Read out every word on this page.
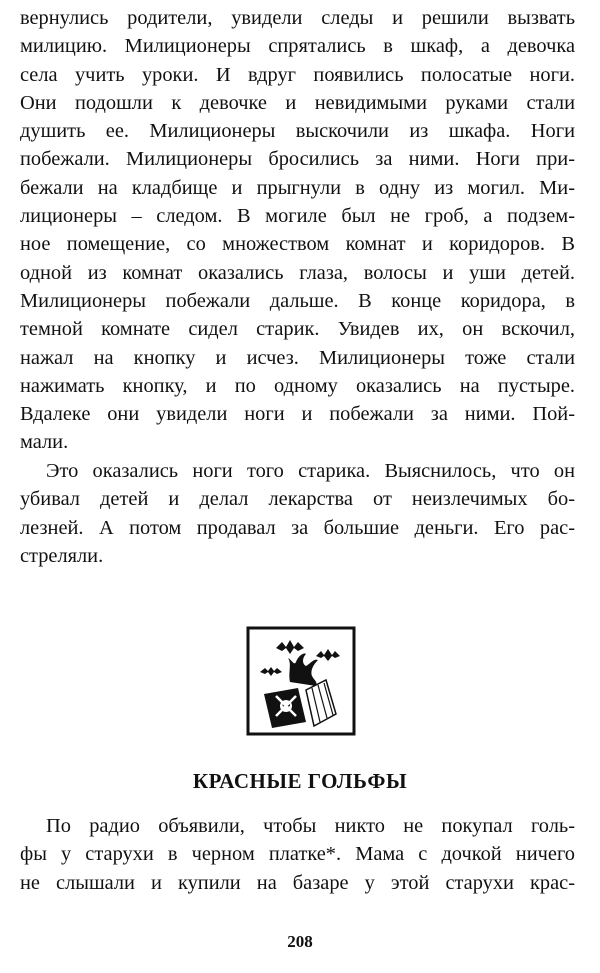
вернулись родители, увидели следы и решили вызвать
милицию. Милиционеры спрятались в шкаф, а девочка
села учить уроки. И вдруг появились полосатые ноги.
Они подошли к девочке и невидимыми руками стали
душить ее. Милиционеры выскочили из шкафа. Ноги
побежали. Милиционеры бросились за ними. Ноги при-
бежали на кладбище и прыгнули в одну из могил. Ми-
лиционеры – следом. В могиле был не гроб, а подзем-
ное помещение, со множеством комнат и коридоров. В
одной из комнат оказались глаза, волосы и уши детей.
Милиционеры побежали дальше. В конце коридора, в
темной комнате сидел старик. Увидев их, он вскочил,
нажал на кнопку и исчез. Милиционеры тоже стали
нажимать кнопку, и по одному оказались на пустыре.
Вдалеке они увидели ноги и побежали за ними. Пой-
мали.
Это оказались ноги того старика. Выяснилось, что он
убивал детей и делал лекарства от неизлечимых бо-
лезней. А потом продавал за большие деньги. Его рас-
стреляли.
КРАСНЫЕ ГОЛЬФЫ
По радио объявили, чтобы никто не покупал голь-
фы у старухи в черном платке*. Мама с дочкой ничего
не слышали и купили на базаре у этой старухи крас-
208
